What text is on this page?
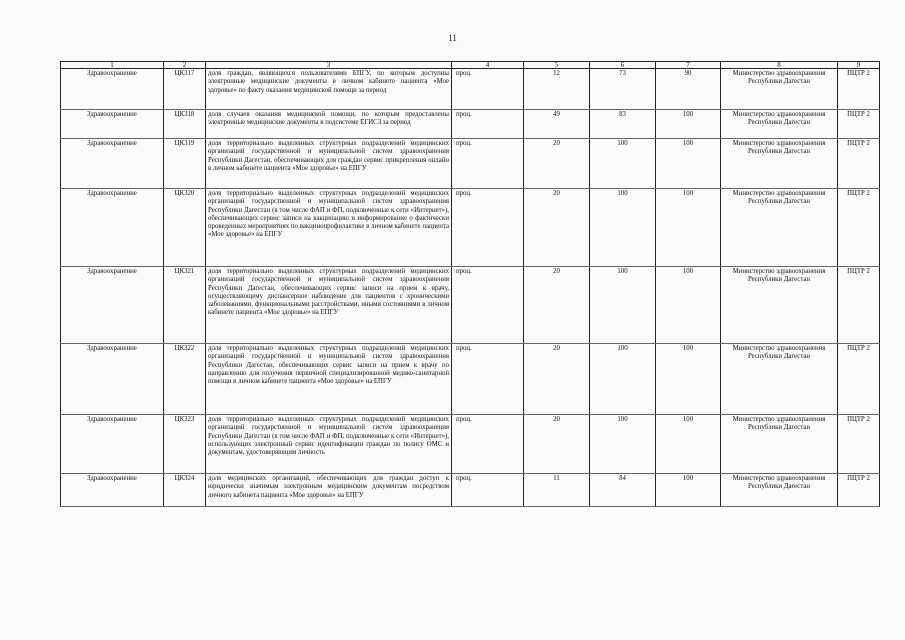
11
1	2	3	4	5	6	7	8	9
Здравоохранение	ЦК317	доля граждан, являющихся пользователями ЕПГУ, по которым доступны электронные медицинские документы в личном кабинете пациента «Мое здоровье» по факту оказания медицинской помощи за период	проц.	12	73	90	Министерство здравоохранения Республики Дагестан	ПЦТР 2
Здравоохранение	ЦК318	доля случаев оказания медицинской помощи, по которым предоставлены электронные медицинские документы в подсистеме ЕГИСЗ за период	проц.	49	83	100	Министерство здравоохранения Республики Дагестан	ПЦТР 2
Здравоохранение	ЦК319	доля территориально выделенных структурных подразделений медицинских организаций государственной и муниципальной систем здравоохранения Республики Дагестан, обеспечивающих для граждан сервис прикрепления онлайн в личном кабинете пациента «Мое здоровье» на ЕПГУ	проц.	20	100	100	Министерство здравоохранения Республики Дагестан	ПЦТР 2
Здравоохранение	ЦК320	доля территориально выделенных структурных подразделений медицинских организаций государственной и муниципальной систем здравоохранения Республики Дагестан (в том числе ФАП и ФП, подключенные к сети «Интернет»), обеспечивающих сервис записи на вакцинацию и информирование о фактически проведенных мероприятиях по вакцинопрофилактике в личном кабинете пациента «Мое здоровье» на ЕПГУ	проц.	20	100	100	Министерство здравоохранения Республики Дагестан	ПЦТР 2
Здравоохранение	ЦК321	доля территориально выделенных структурных подразделений медицинских организаций государственной и муниципальной систем здравоохранения Республики Дагестан, обеспечивающих сервис записи на прием к врачу, осуществляющему диспансерное наблюдение для пациентов с хроническими заболеваниями, функциональными расстройствами, иными состояниями в личном кабинете пациента «Мое здоровье» на ЕПГУ	проц.	20	100	100	Министерство здравоохранения Республики Дагестан	ПЦТР 2
Здравоохранение	ЦК322	доля территориально выделенных структурных подразделений медицинских организаций государственной и муниципальной систем здравоохранения Республики Дагестан, обеспечивающих сервис записи на прием к врачу по направлению для получения первичной специализированной медико-санитарной помощи в личном кабинете пациента «Мое здоровье» на ЕПГУ	проц.	20	100	100	Министерство здравоохранения Республики Дагестан	ПЦТР 2
Здравоохранение	ЦК323	доля территориально выделенных структурных подразделений медицинских организаций государственной и муниципальной систем здравоохранения Республики Дагестан (в том числе ФАП и ФП, подключенные к сети «Интернет»), использующих электронный сервис идентификации граждан по полису ОМС и документам, удостоверяющим личность	проц.	20	100	100	Министерство здравоохранения Республики Дагестан	ПЦТР 2
Здравоохранение	ЦК324	доля медицинских организаций, обеспечивающих для граждан доступ к юридически значимым электронным медицинским документам посредством личного кабинета пациента «Мое здоровье» на ЕПГУ	проц.	11	84	100	Министерство здравоохранения Республики Дагестан	ПЦТР 2
